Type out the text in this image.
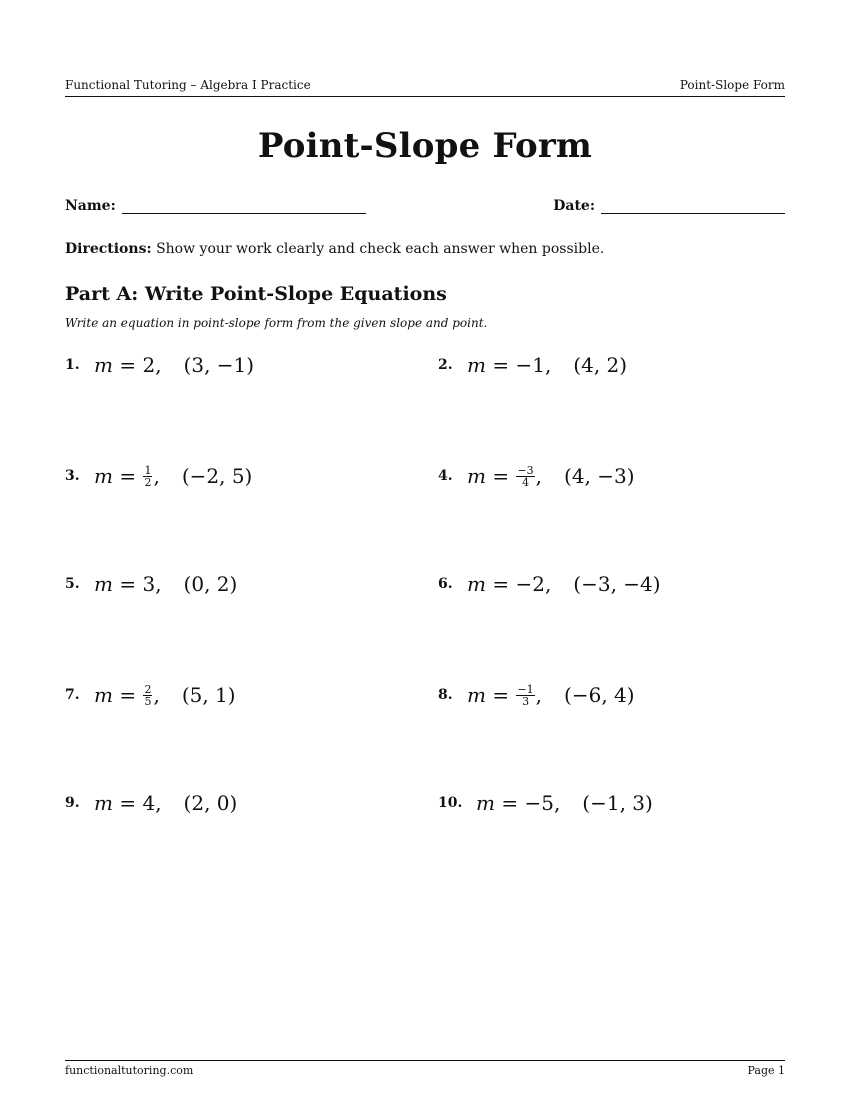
Functional Tutoring – Algebra I Practice	Point-Slope Form
Point-Slope Form
Name:	Date:
Directions: Show your work clearly and check each answer when possible.
Part A: Write Point-Slope Equations
Write an equation in point-slope form from the given slope and point.
1. m = 2 , (3, −1)	2. m = −1 , (4, 2)
3. $m = \frac{1}{2}$ , (−2, 5)	4. $m = \frac{-3}{4}$ , (4, −3)
5. m = 3 , (0, 2)	6. m = −2 , (−3, −4)
7. $m = \frac{2}{5}$ , (5, 1)	8. $m = \frac{-1}{3}$ , (−6, 4)
9. m = 4 , (2, 0)	10. m = −5 , (−1, 3)
functionaltutoring.com	Page 1
